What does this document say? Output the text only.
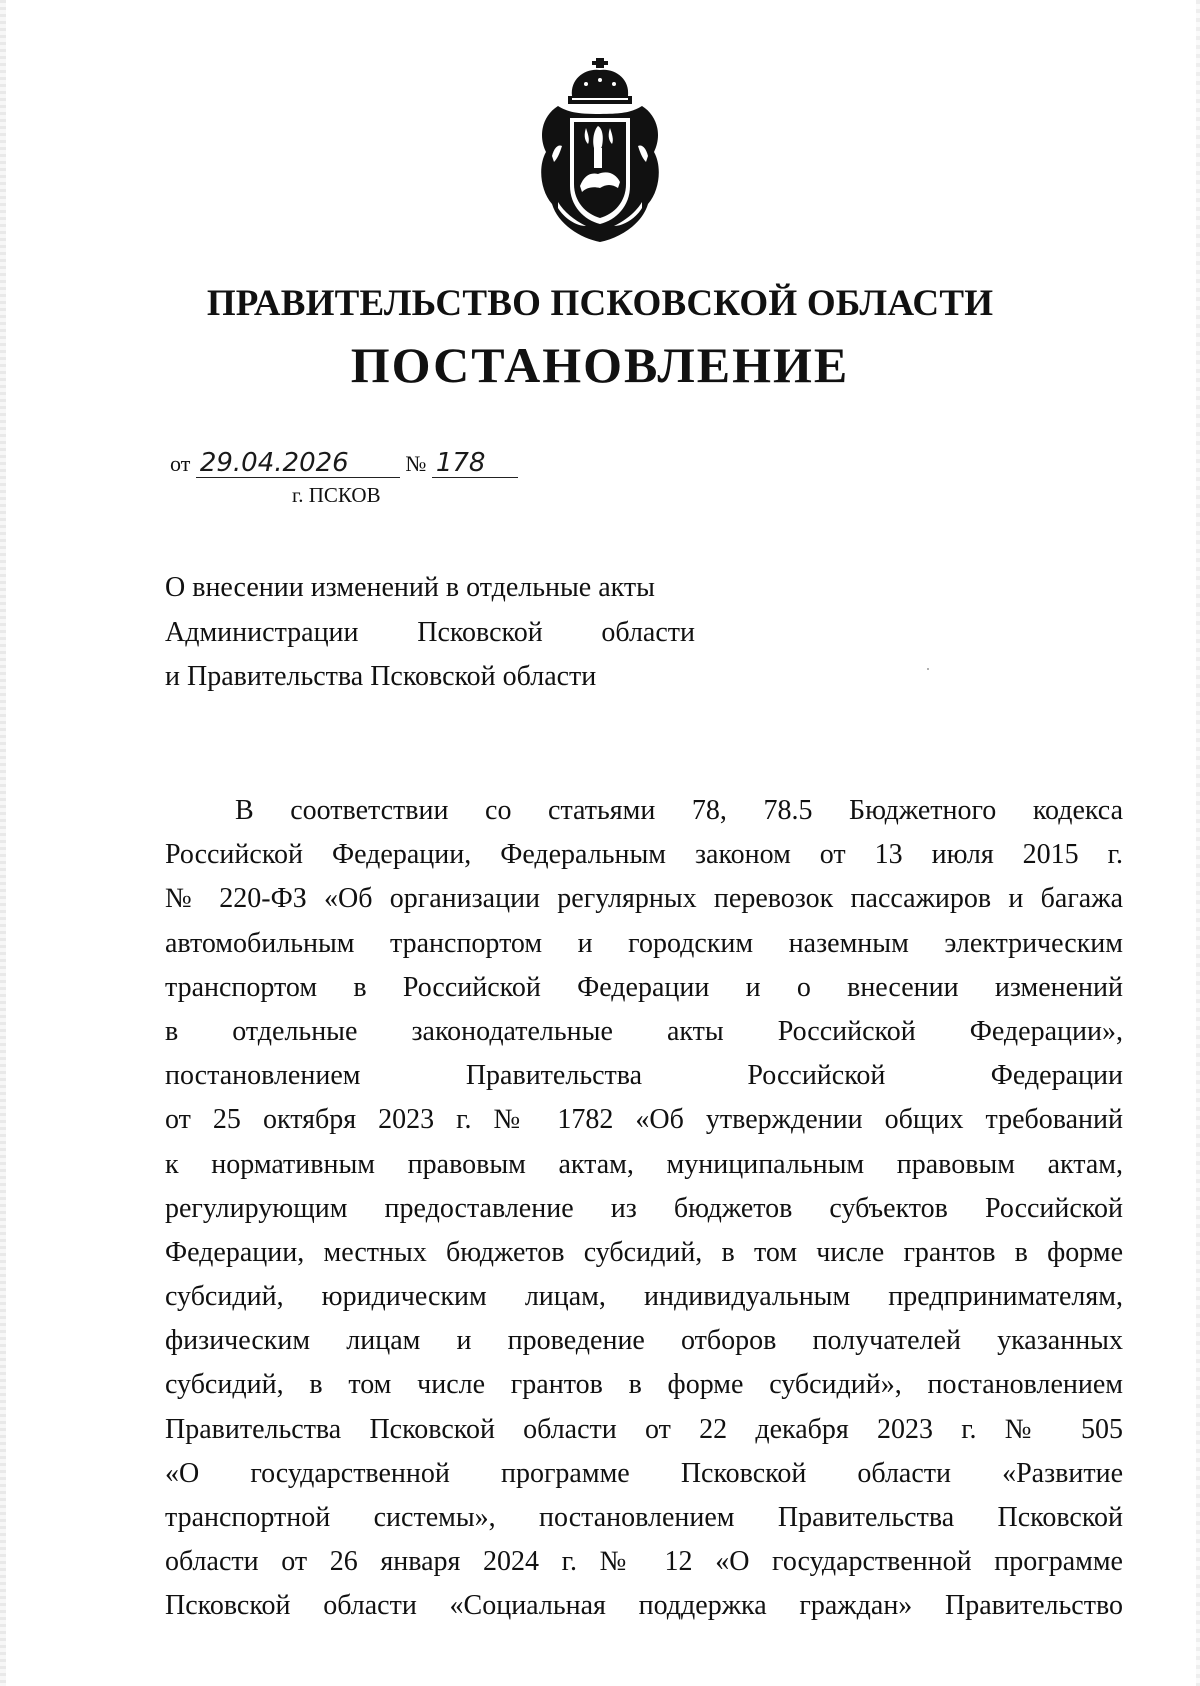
ПРАВИТЕЛЬСТВО ПСКОВСКОЙ ОБЛАСТИ
ПОСТАНОВЛЕНИЕ
от 29.04.2026	№ 178
г. ПСКОВ
О внесении изменений в отдельные акты
Администрации Псковской области
и Правительства Псковской области
В соответствии со статьями 78, 78.5 Бюджетного кодекса
Российской Федерации, Федеральным законом от 13 июля 2015 г.
№ 220-ФЗ «Об организации регулярных перевозок пассажиров и багажа
автомобильным транспортом и городским наземным электрическим
транспортом в Российской Федерации и о внесении изменений
в отдельные законодательные акты Российской Федерации»,
постановлением Правительства Российской Федерации
от 25 октября 2023 г. № 1782 «Об утверждении общих требований
к нормативным правовым актам, муниципальным правовым актам,
регулирующим предоставление из бюджетов субъектов Российской
Федерации, местных бюджетов субсидий, в том числе грантов в форме
субсидий, юридическим лицам, индивидуальным предпринимателям,
физическим лицам и проведение отборов получателей указанных
субсидий, в том числе грантов в форме субсидий», постановлением
Правительства Псковской области от 22 декабря 2023 г. № 505
«О государственной программе Псковской области «Развитие
транспортной системы», постановлением Правительства Псковской
области от 26 января 2024 г. № 12 «О государственной программе
Псковской области «Социальная поддержка граждан» Правительство
